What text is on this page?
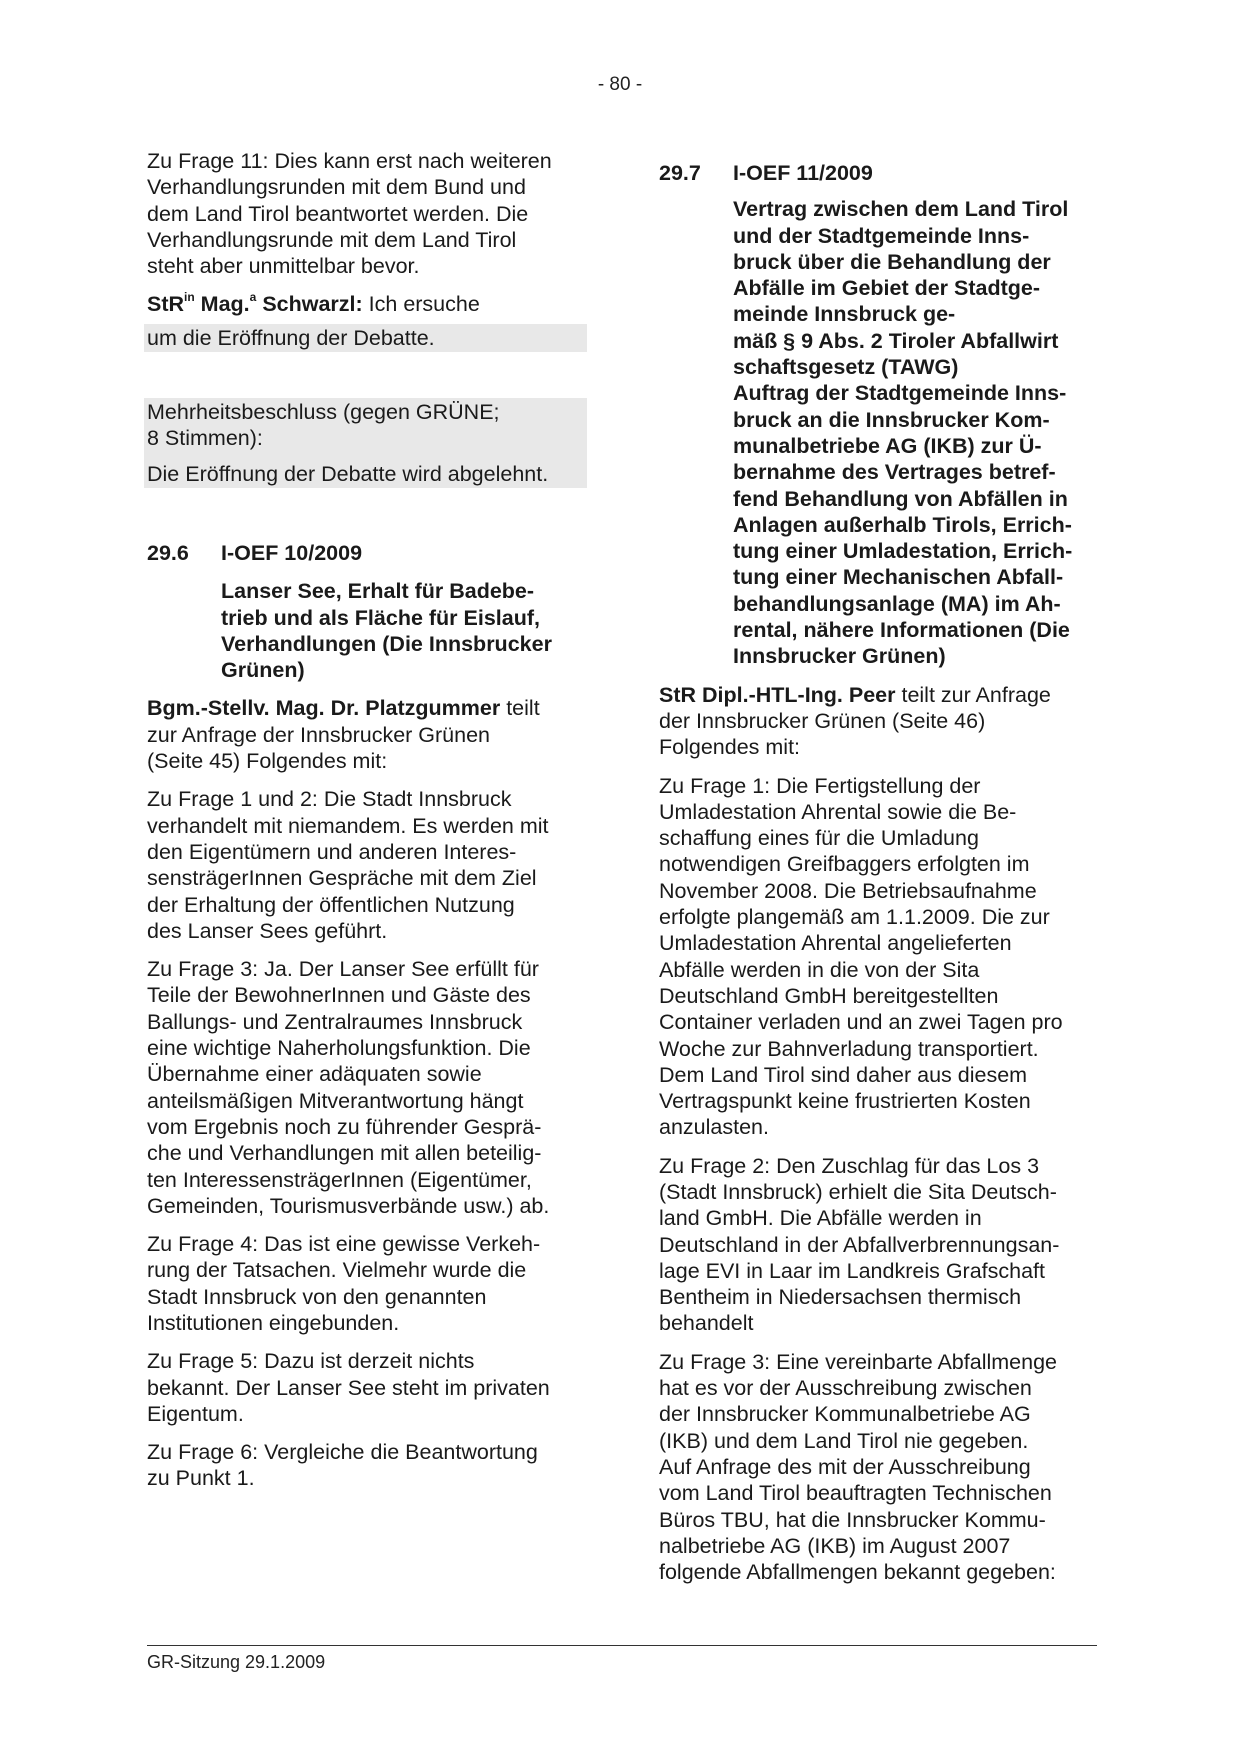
- 80 -

Zu Frage 11: Dies kann erst nach weiteren
Verhandlungsrunden mit dem Bund und
dem Land Tirol beantwortet werden. Die
Verhandlungsrunde mit dem Land Tirol
steht aber unmittelbar bevor.

StR$^{in}$ Mag.$^a$ Schwarzl: Ich ersuche

um die Eröffnung der Debatte.

Mehrheitsbeschluss (gegen GRÜNE;
8 Stimmen):

Die Eröffnung der Debatte wird abgelehnt.

29.6	I-OEF 10/2009

Lanser See, Erhalt für Badebe-
trieb und als Fläche für Eislauf,
Verhandlungen (Die Innsbrucker
Grünen)

Bgm.-Stellv. Mag. Dr. Platzgummer teilt
zur Anfrage der Innsbrucker Grünen
(Seite 45) Folgendes mit:

Zu Frage 1 und 2: Die Stadt Innsbruck
verhandelt mit niemandem. Es werden mit
den Eigentümern und anderen Interes-
sensträgerInnen Gespräche mit dem Ziel
der Erhaltung der öffentlichen Nutzung
des Lanser Sees geführt.

Zu Frage 3: Ja. Der Lanser See erfüllt für
Teile der BewohnerInnen und Gäste des
Ballungs- und Zentralraumes Innsbruck
eine wichtige Naherholungsfunktion. Die
Übernahme einer adäquaten sowie
anteilsmäßigen Mitverantwortung hängt
vom Ergebnis noch zu führender Gesprä-
che und Verhandlungen mit allen beteilig-
ten InteressensträgerInnen (Eigentümer,
Gemeinden, Tourismusverbände usw.) ab.

Zu Frage 4: Das ist eine gewisse Verkeh-
rung der Tatsachen. Vielmehr wurde die
Stadt Innsbruck von den genannten
Institutionen eingebunden.

Zu Frage 5: Dazu ist derzeit nichts
bekannt. Der Lanser See steht im privaten
Eigentum.

Zu Frage 6: Vergleiche die Beantwortung
zu Punkt 1.

29.7	I-OEF 11/2009

Vertrag zwischen dem Land Tirol
und der Stadtgemeinde Inns-
bruck über die Behandlung der
Abfälle im Gebiet der Stadtge-
meinde Innsbruck ge-
mäß § 9 Abs. 2 Tiroler Abfallwirt
schaftsgesetz (TAWG)
Auftrag der Stadtgemeinde Inns-
bruck an die Innsbrucker Kom-
munalbetriebe AG (IKB) zur Ü-
bernahme des Vertrages betref-
fend Behandlung von Abfällen in
Anlagen außerhalb Tirols, Errich-
tung einer Umladestation, Errich-
tung einer Mechanischen Abfall-
behandlungsanlage (MA) im Ah-
rental, nähere Informationen (Die
Innsbrucker Grünen)

StR Dipl.-HTL-Ing. Peer teilt zur Anfrage
der Innsbrucker Grünen (Seite 46)
Folgendes mit:

Zu Frage 1: Die Fertigstellung der
Umladestation Ahrental sowie die Be-
schaffung eines für die Umladung
notwendigen Greifbaggers erfolgten im
November 2008. Die Betriebsaufnahme
erfolgte plangemäß am 1.1.2009. Die zur
Umladestation Ahrental angelieferten
Abfälle werden in die von der Sita
Deutschland GmbH bereitgestellten
Container verladen und an zwei Tagen pro
Woche zur Bahnverladung transportiert.
Dem Land Tirol sind daher aus diesem
Vertragspunkt keine frustrierten Kosten
anzulasten.

Zu Frage 2: Den Zuschlag für das Los 3
(Stadt Innsbruck) erhielt die Sita Deutsch-
land GmbH. Die Abfälle werden in
Deutschland in der Abfallverbrennungsan-
lage EVI in Laar im Landkreis Grafschaft
Bentheim in Niedersachsen thermisch
behandelt

Zu Frage 3: Eine vereinbarte Abfallmenge
hat es vor der Ausschreibung zwischen
der Innsbrucker Kommunalbetriebe AG
(IKB) und dem Land Tirol nie gegeben.
Auf Anfrage des mit der Ausschreibung
vom Land Tirol beauftragten Technischen
Büros TBU, hat die Innsbrucker Kommu-
nalbetriebe AG (IKB) im August 2007
folgende Abfallmengen bekannt gegeben:

GR-Sitzung 29.1.2009
